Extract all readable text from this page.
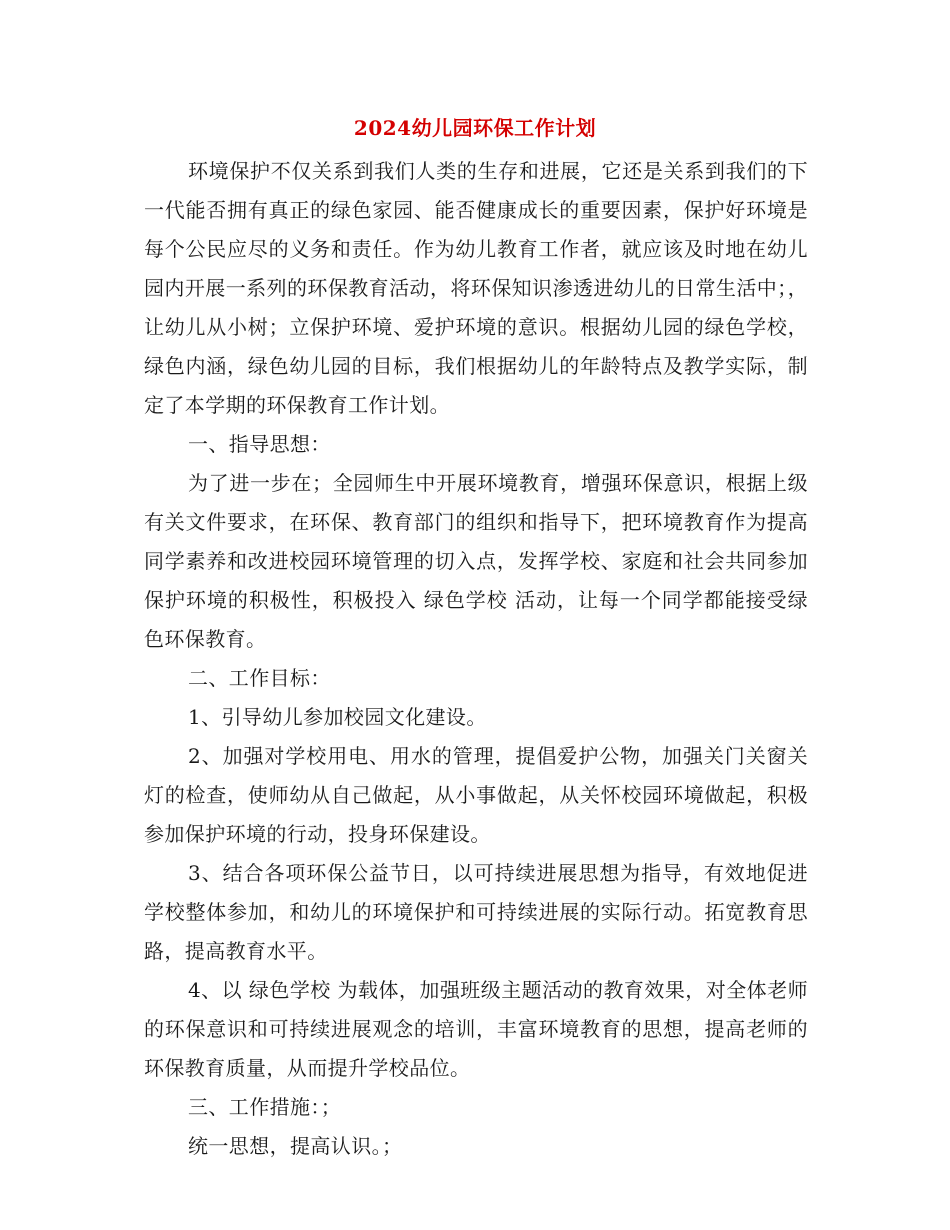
2024幼儿园环保工作计划

环境保护不仅关系到我们人类的生存和进展，它还是关系到我们的下一代能否拥有真正的绿色家园、能否健康成长的重要因素，保护好环境是每个公民应尽的义务和责任。作为幼儿教育工作者，就应该及时地在幼儿园内开展一系列的环保教育活动，将环保知识渗透进幼儿的日常生活中；，让幼儿从小树；立保护环境、爱护环境的意识。根据幼儿园的绿色学校，绿色内涵，绿色幼儿园的目标，我们根据幼儿的年龄特点及教学实际，制定了本学期的环保教育工作计划。

一、指导思想：

为了进一步在；全园师生中开展环境教育，增强环保意识，根据上级有关文件要求，在环保、教育部门的组织和指导下，把环境教育作为提高同学素养和改进校园环境管理的切入点，发挥学校、家庭和社会共同参加保护环境的积极性，积极投入 绿色学校 活动，让每一个同学都能接受绿色环保教育。

二、工作目标：

1、引导幼儿参加校园文化建设。

2、加强对学校用电、用水的管理，提倡爱护公物，加强关门关窗关灯的检查，使师幼从自己做起，从小事做起，从关怀校园环境做起，积极参加保护环境的行动，投身环保建设。

3、结合各项环保公益节日，以可持续进展思想为指导，有效地促进学校整体参加，和幼儿的环境保护和可持续进展的实际行动。拓宽教育思路，提高教育水平。

4、以 绿色学校 为载体，加强班级主题活动的教育效果，对全体老师的环保意识和可持续进展观念的培训，丰富环境教育的思想，提高老师的环保教育质量，从而提升学校品位。

三、工作措施：；

统一思想，提高认识。；
